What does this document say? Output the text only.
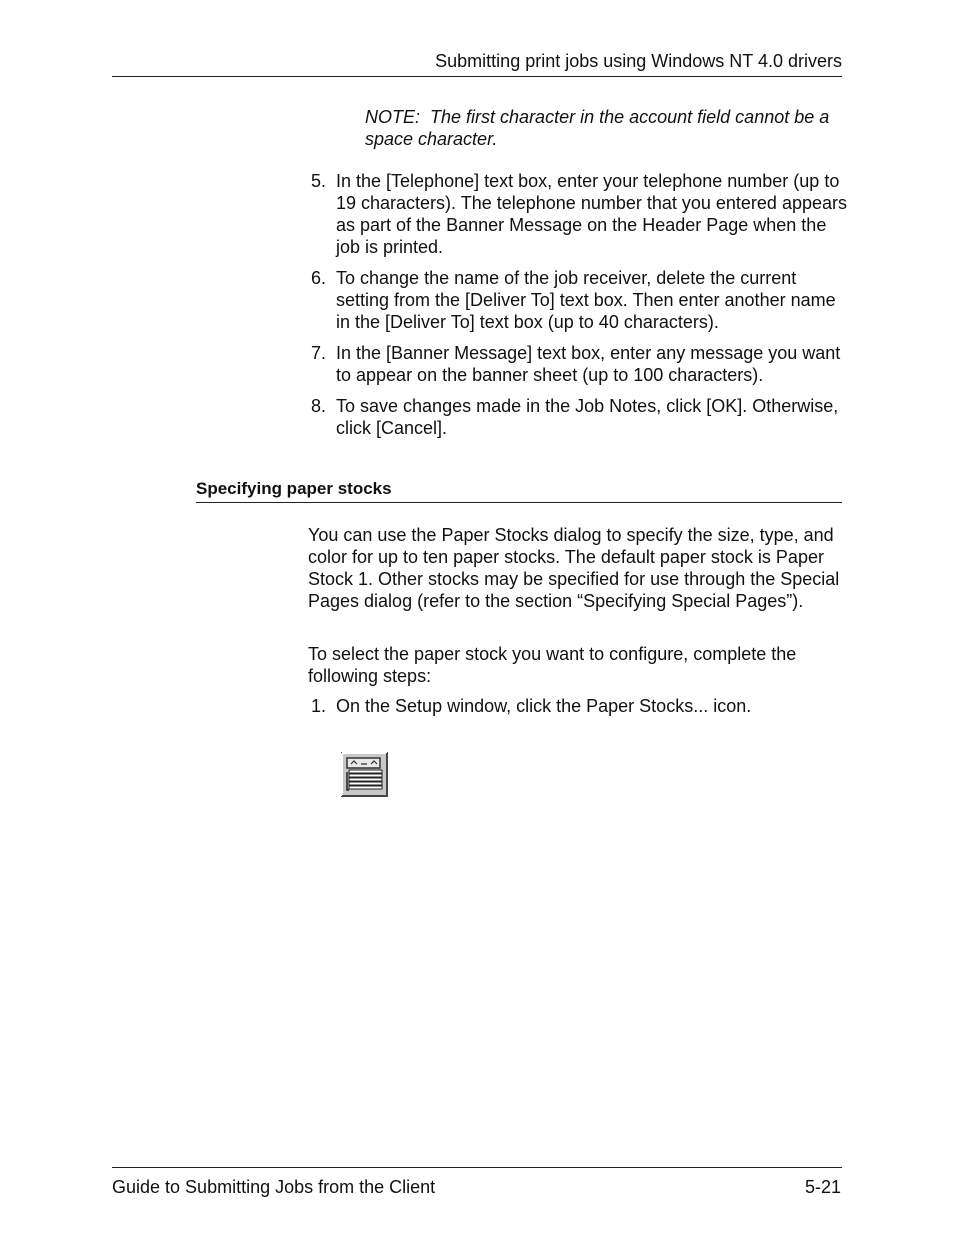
Submitting print jobs using Windows NT 4.0 drivers
NOTE: The first character in the account field cannot be a space character.
5. In the [Telephone] text box, enter your telephone number (up to 19 characters). The telephone number that you entered appears as part of the Banner Message on the Header Page when the job is printed.
6. To change the name of the job receiver, delete the current setting from the [Deliver To] text box. Then enter another name in the [Deliver To] text box (up to 40 characters).
7. In the [Banner Message] text box, enter any message you want to appear on the banner sheet (up to 100 characters).
8. To save changes made in the Job Notes, click [OK]. Otherwise, click [Cancel].
Specifying paper stocks
You can use the Paper Stocks dialog to specify the size, type, and color for up to ten paper stocks. The default paper stock is Paper Stock 1. Other stocks may be specified for use through the Special Pages dialog (refer to the section “Specifying Special Pages”).
To select the paper stock you want to configure, complete the following steps:
1. On the Setup window, click the Paper Stocks... icon.
Guide to Submitting Jobs from the Client	5-21
